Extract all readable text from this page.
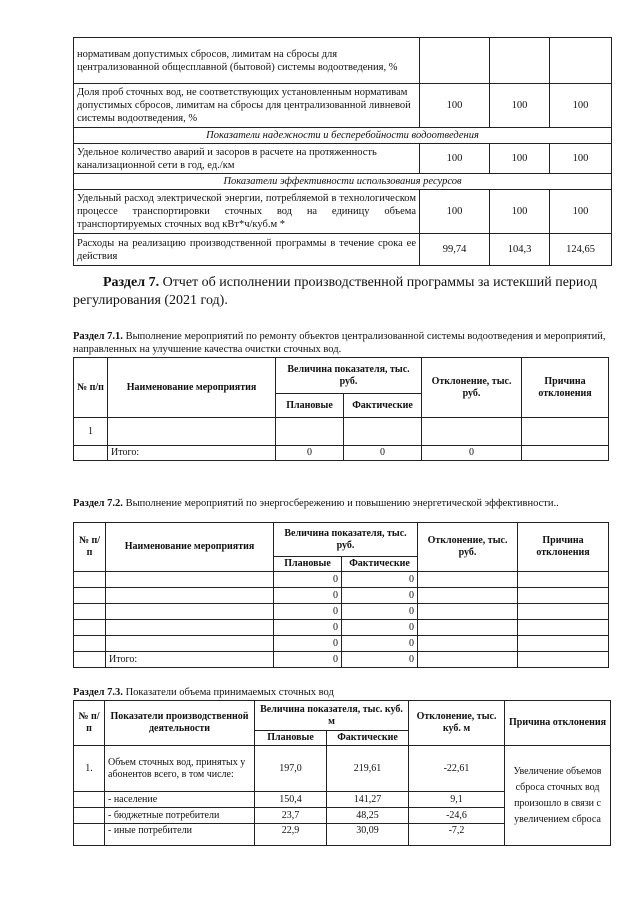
нормативам допустимых сбросов, лимитам на сбросы для централизованной общесплавной (бытовой) системы водоотведения, %			
Доля проб сточных вод, не соответствующих установленным нормативам допустимых сбросов, лимитам на сбросы для централизованной ливневой системы водоотведения, %	100	100	100
Показатели надежности и бесперебойности водоотведения			
Удельное количество аварий и засоров в расчете на протяженность канализационной сети в год, ед./км	100	100	100
Показатели эффективности использования ресурсов			
Удельный расход электрической энергии, потребляемой в технологическом процессе транспортировки сточных вод на единицу объема транспортируемых сточных вод кВт*ч/куб.м *	100	100	100
Расходы на реализацию производственной программы в течение срока ее действия	99,74	104,3	124,65
Раздел 7. Отчет об исполнении производственной программы за истекший период регулирования (2021 год).
Раздел 7.1. Выполнение мероприятий по ремонту объектов централизованной системы водоотведения и мероприятий, направленных на улучшение качества очистки сточных вод.
№ п/п	Наименование мероприятия	Величина показателя, тыс. руб.		Отклонение, тыс. руб.	Причина отклонения
		Плановые	Фактические		
1					
	Итого:	0	0	0	
Раздел 7.2. Выполнение мероприятий по энергосбережению и повышению энергетической эффективности..
№ п/п	Наименование мероприятия	Величина показателя, тыс. руб.		Отклонение, тыс. руб.	Причина отклонения
		Плановые	Фактические		
		0	0		
		0	0		
		0	0		
		0	0		
		0	0		
	Итого:	0	0		
Раздел 7.3. Показатели объема принимаемых сточных вод
№ п/п	Показатели производственной деятельности	Величина показателя, тыс. куб. м		Отклонение, тыс. куб. м	Причина отклонения
		Плановые	Фактические		
1.	Объем сточных вод, принятых у абонентов всего, в том числе:	197,0	219,61	-22,61	Увеличение объемов сброса сточных вод произошло в связи с увеличением сброса
	- население	150,4	141,27	9,1	
	- бюджетные потребители	23,7	48,25	-24,6	
	- иные потребители	22,9	30,09	-7,2	
